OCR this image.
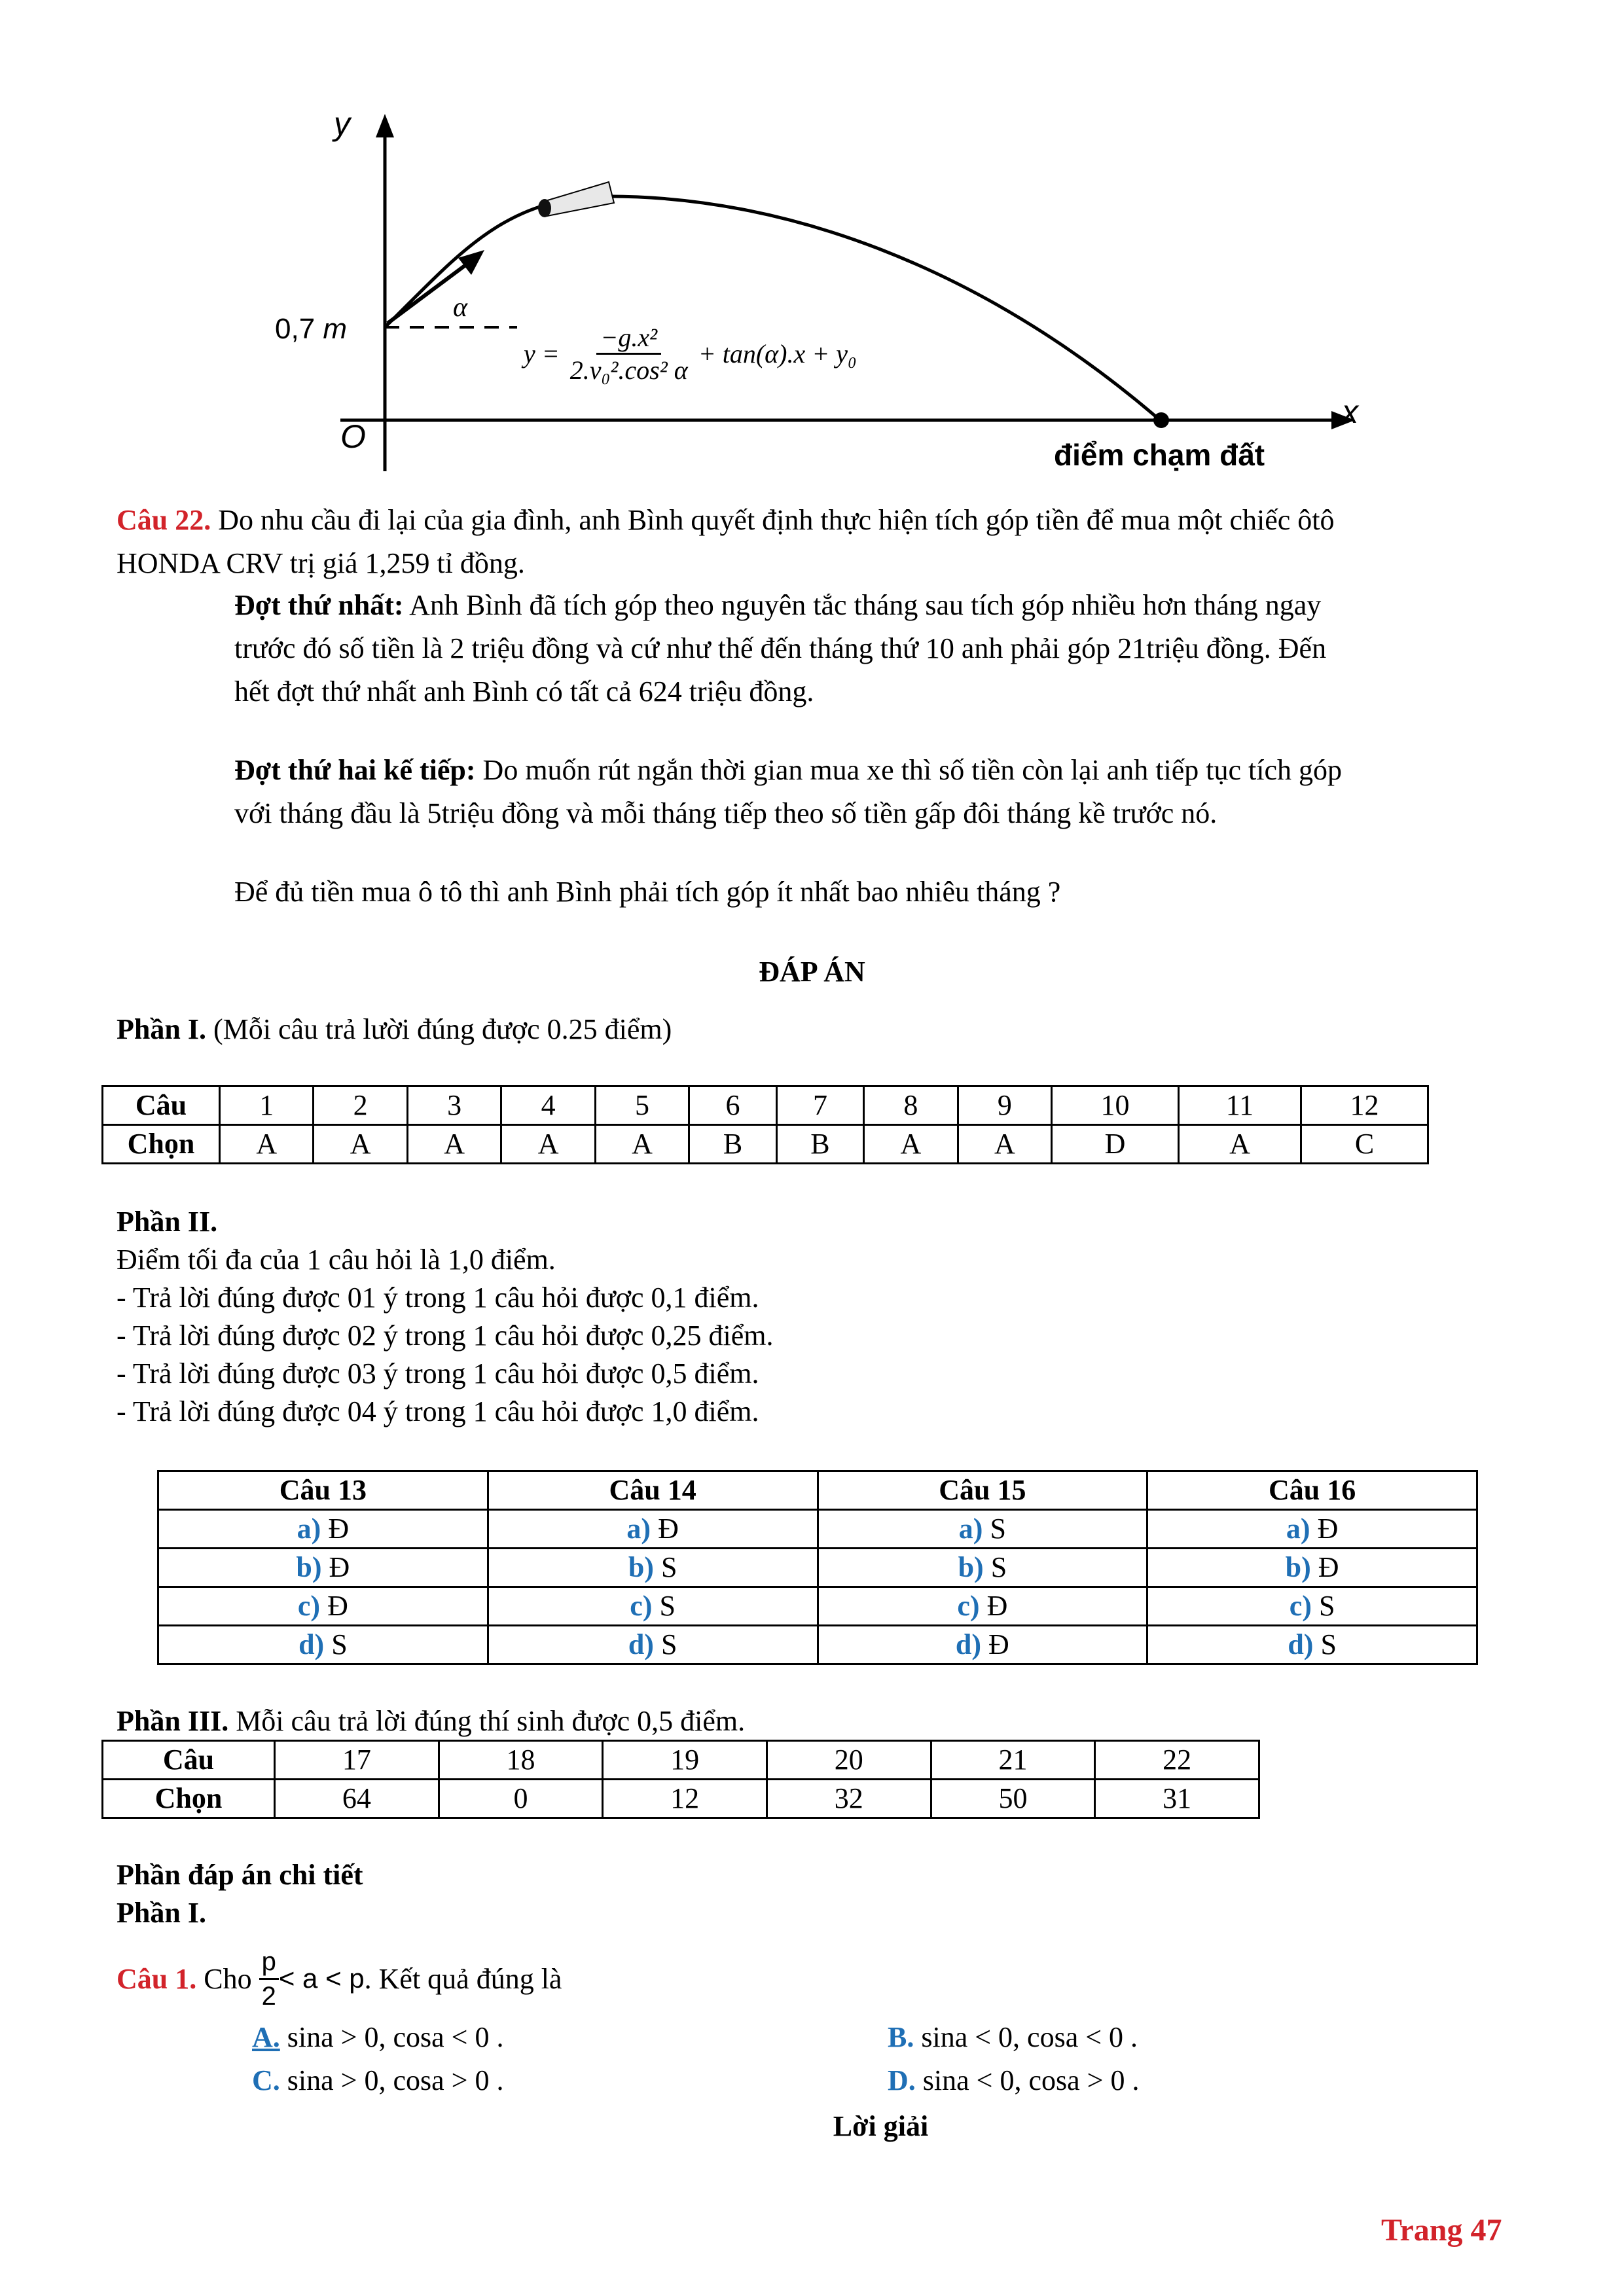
y
x
O
0,7 m
α
điểm chạm đất
$y = \frac{\text{−g.x²}}{\text{2.v₀².cos² α}} + \tan(\alpha).x + y_0$
Câu 22. Do nhu cầu đi lại của gia đình, anh Bình quyết định thực hiện tích góp tiền để mua một chiếc ôtô
HONDA CRV trị giá 1,259 tỉ đồng.
Đợt thứ nhất: Anh Bình đã tích góp theo nguyên tắc tháng sau tích góp nhiều hơn tháng ngay
trước đó số tiền là 2 triệu đồng và cứ như thế đến tháng thứ 10 anh phải góp 21triệu đồng. Đến
hết đợt thứ nhất anh Bình có tất cả 624 triệu đồng.
Đợt thứ hai kế tiếp: Do muốn rút ngắn thời gian mua xe thì số tiền còn lại anh tiếp tục tích góp
với tháng đầu là 5triệu đồng và mỗi tháng tiếp theo số tiền gấp đôi tháng kề trước nó.
Để đủ tiền mua ô tô thì anh Bình phải tích góp ít nhất bao nhiêu tháng ?
ĐÁP ÁN
Phần I. (Mỗi câu trả lười đúng được 0.25 điểm)
Câu	1	2	3	4	5	6	7	8	9	10	11	12
Chọn	A	A	A	A	A	B	B	A	A	D	A	C
Phần II.
Điểm tối đa của 1 câu hỏi là 1,0 điểm.
- Trả lời đúng được 01 ý trong 1 câu hỏi được 0,1 điểm.
- Trả lời đúng được 02 ý trong 1 câu hỏi được 0,25 điểm.
- Trả lời đúng được 03 ý trong 1 câu hỏi được 0,5 điểm.
- Trả lời đúng được 04 ý trong 1 câu hỏi được 1,0 điểm.
Câu 13	Câu 14	Câu 15	Câu 16
a) Đ	a) Đ	a) S	a) Đ
b) Đ	b) S	b) S	b) Đ
c) Đ	c) S	c) Đ	c) S
d) S	d) S	d) Đ	d) S
Phần III. Mỗi câu trả lời đúng thí sinh được 0,5 điểm.
Câu	17	18	19	20	21	22
Chọn	64	0	12	32	50	31
Phần đáp án chi tiết
Phần I.
Câu 1.
Cho

p
2
< a < p . Kết quả đúng là
A. sina > 0, cosa < 0 .	B. sina < 0, cosa < 0 .
C. sina > 0, cosa > 0 .	D. sina < 0, cosa > 0 .
Lời giải
Trang 47
